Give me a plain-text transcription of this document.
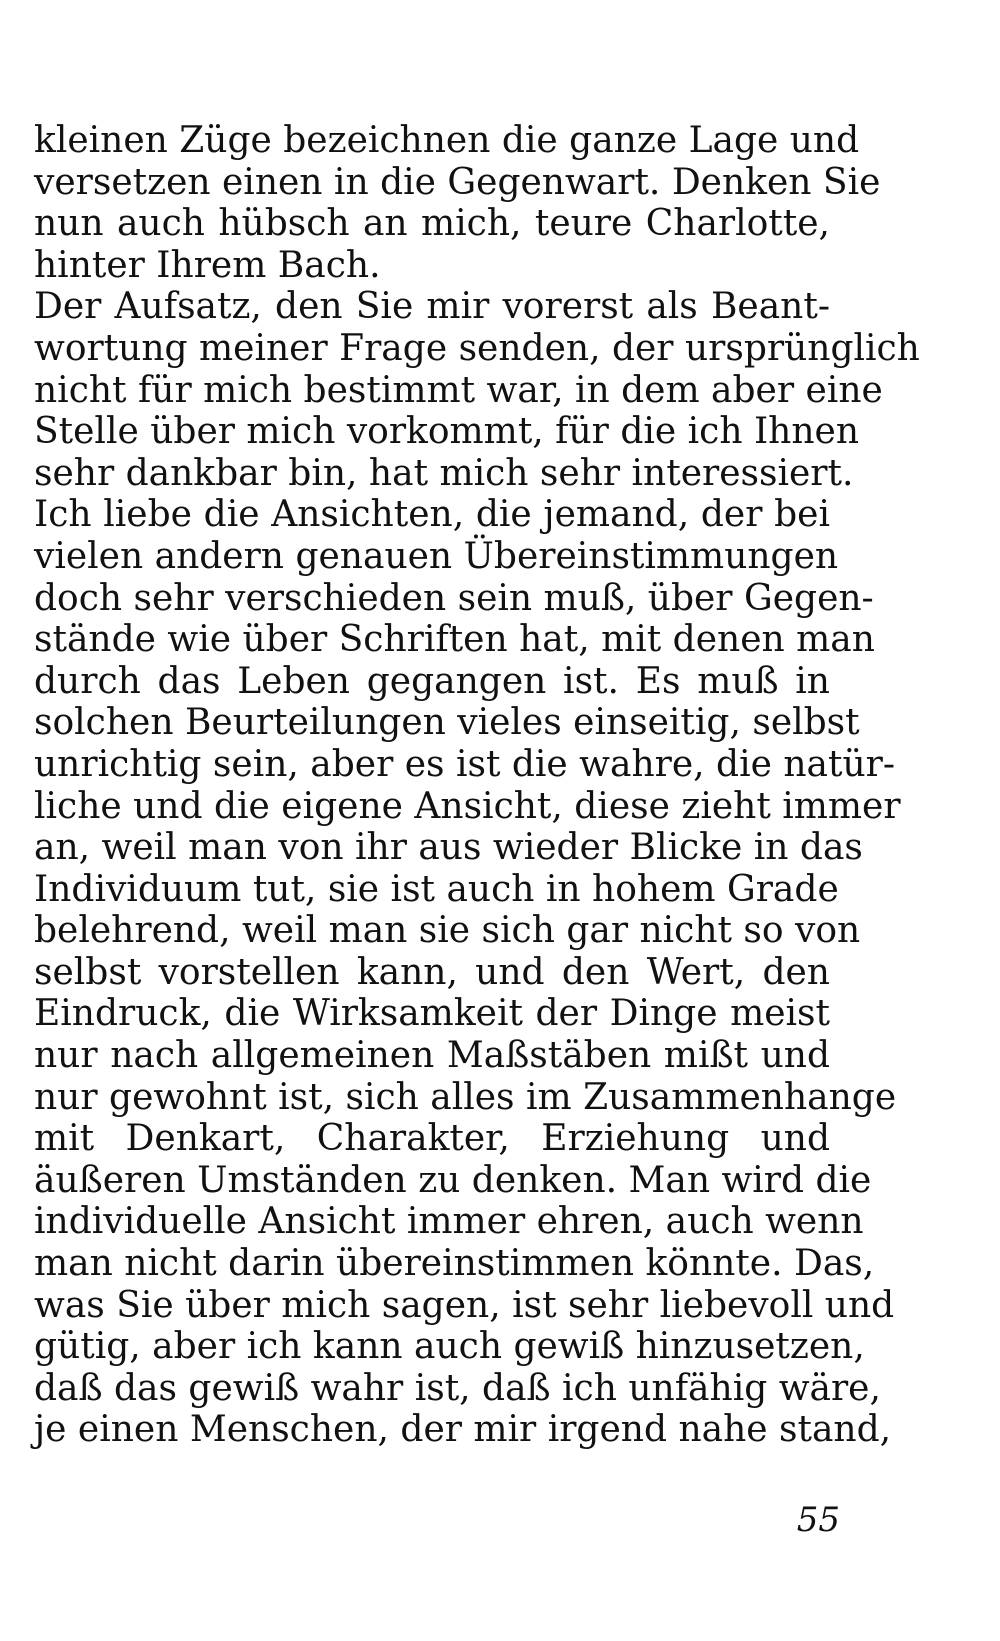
kleinen Züge bezeichnen die ganze Lage und
versetzen einen in die Gegenwart. Denken Sie
nun auch hübsch an mich, teure Charlotte,
hinter Ihrem Bach.
Der Aufsatz, den Sie mir vorerst als Beant-
wortung meiner Frage senden, der ursprünglich
nicht für mich bestimmt war, in dem aber eine
Stelle über mich vorkommt, für die ich Ihnen
sehr dankbar bin, hat mich sehr interessiert.
Ich liebe die Ansichten, die jemand, der bei
vielen andern genauen Übereinstimmungen
doch sehr verschieden sein muß, über Gegen-
stände wie über Schriften hat, mit denen man
durch das Leben gegangen ist. Es muß in
solchen Beurteilungen vieles einseitig, selbst
unrichtig sein, aber es ist die wahre, die natür-
liche und die eigene Ansicht, diese zieht immer
an, weil man von ihr aus wieder Blicke in das
Individuum tut, sie ist auch in hohem Grade
belehrend, weil man sie sich gar nicht so von
selbst vorstellen kann, und den Wert, den
Eindruck, die Wirksamkeit der Dinge meist
nur nach allgemeinen Maßstäben mißt und
nur gewohnt ist, sich alles im Zusammenhange
mit Denkart, Charakter, Erziehung und
äußeren Umständen zu denken. Man wird die
individuelle Ansicht immer ehren, auch wenn
man nicht darin übereinstimmen könnte. Das,
was Sie über mich sagen, ist sehr liebevoll und
gütig, aber ich kann auch gewiß hinzusetzen,
daß das gewiß wahr ist, daß ich unfähig wäre,
je einen Menschen, der mir irgend nahe stand,
55
